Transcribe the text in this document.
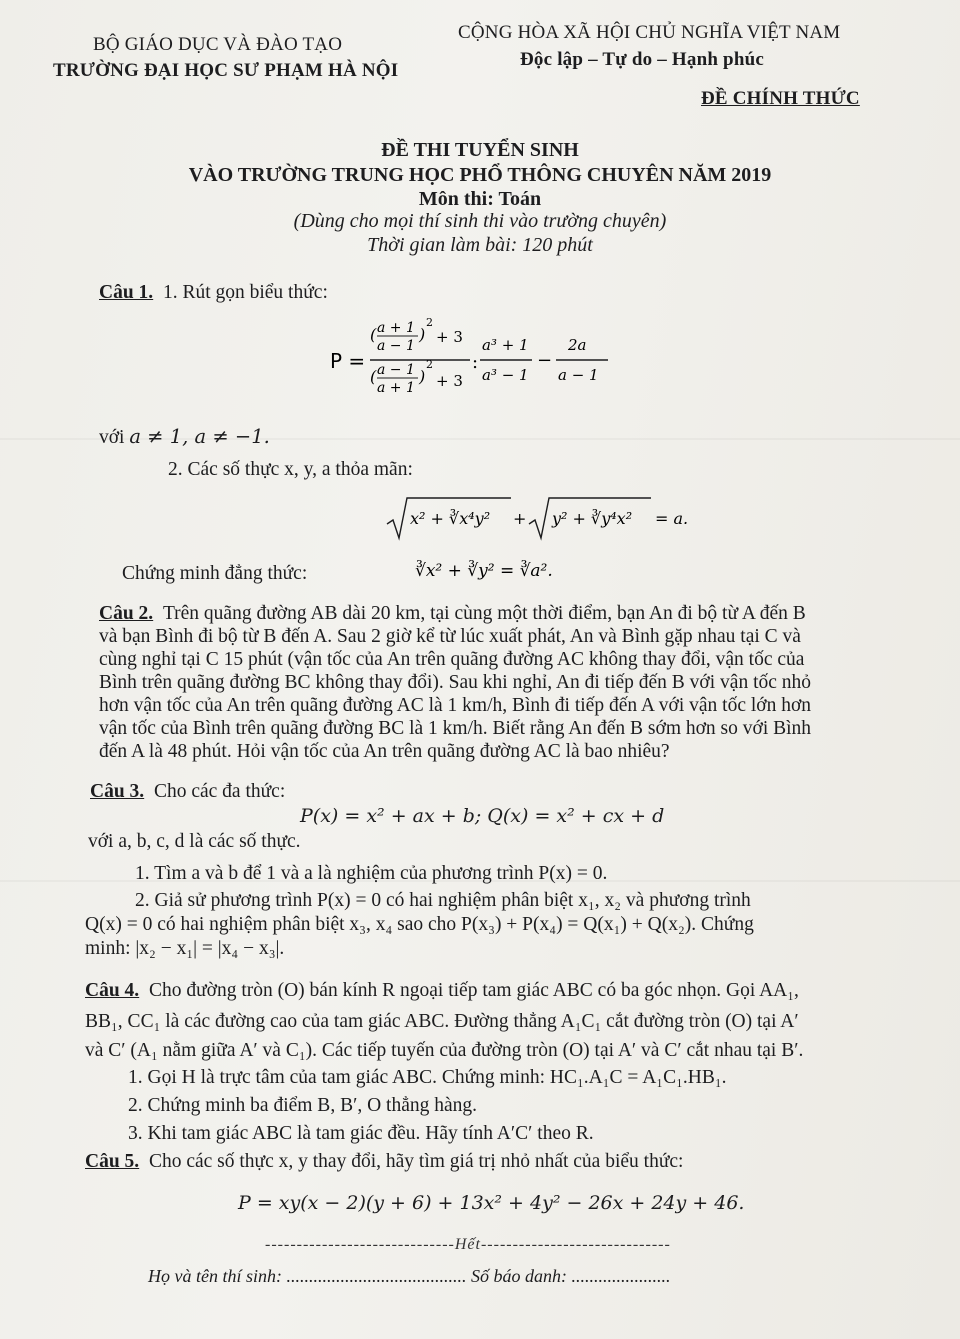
BỘ GIÁO DỤC VÀ ĐÀO TẠO
TRƯỜNG ĐẠI HỌC SƯ PHẠM HÀ NỘI
CỘNG HÒA XÃ HỘI CHỦ NGHĨA VIỆT NAM
Độc lập – Tự do – Hạnh phúc
ĐỀ CHÍNH THỨC
ĐỀ THI TUYỂN SINH
VÀO TRƯỜNG TRUNG HỌC PHỔ THÔNG CHUYÊN NĂM 2019
Môn thi: Toán
(Dùng cho mọi thí sinh thi vào trường chuyên)
Thời gian làm bài: 120 phút
Câu 1. 1. Rút gọn biểu thức:
P =
( a + 1
a − 1
)
2
+ 3
( a − 1
a + 1
)
2
+ 3
:
a³ + 1
a³ − 1
−
2a
a − 1
với a ≠ 1, a ≠ −1.
2. Các số thực x, y, a thỏa mãn:
x² + ∛x⁴y² + y² + ∛y⁴x² = a.
Chứng minh đẳng thức:	∛x² + ∛y² = ∛a².
Câu 2. Trên quãng đường AB dài 20 km, tại cùng một thời điểm, bạn An đi bộ từ A đến B
và bạn Bình đi bộ từ B đến A. Sau 2 giờ kể từ lúc xuất phát, An và Bình gặp nhau tại C và
cùng nghỉ tại C 15 phút (vận tốc của An trên quãng đường AC không thay đổi, vận tốc của
Bình trên quãng đường BC không thay đổi). Sau khi nghỉ, An đi tiếp đến B với vận tốc nhỏ
hơn vận tốc của An trên quãng đường AC là 1 km/h, Bình đi tiếp đến A với vận tốc lớn hơn
vận tốc của Bình trên quãng đường BC là 1 km/h. Biết rằng An đến B sớm hơn so với Bình
đến A là 48 phút. Hỏi vận tốc của An trên quãng đường AC là bao nhiêu?
Câu 3. Cho các đa thức:
P(x) = x² + ax + b; Q(x) = x² + cx + d
với a, b, c, d là các số thực.
1. Tìm a và b để 1 và a là nghiệm của phương trình P(x) = 0.
2. Giả sử phương trình P(x) = 0 có hai nghiệm phân biệt x₁, x₂ và phương trình
Q(x) = 0 có hai nghiệm phân biệt x₃, x₄ sao cho P(x₃) + P(x₄) = Q(x₁) + Q(x₂). Chứng
minh: |x₂ − x₁| = |x₄ − x₃|.
Câu 4. Cho đường tròn (O) bán kính R ngoại tiếp tam giác ABC có ba góc nhọn. Gọi AA₁,
BB₁, CC₁ là các đường cao của tam giác ABC. Đường thẳng A₁C₁ cắt đường tròn (O) tại A′
và C′ (A₁ nằm giữa A′ và C₁). Các tiếp tuyến của đường tròn (O) tại A′ và C′ cắt nhau tại B′.
1. Gọi H là trực tâm của tam giác ABC. Chứng minh: HC₁.A₁C = A₁C₁.HB₁.
2. Chứng minh ba điểm B, B′, O thẳng hàng.
3. Khi tam giác ABC là tam giác đều. Hãy tính A′C′ theo R.
Câu 5. Cho các số thực x, y thay đổi, hãy tìm giá trị nhỏ nhất của biểu thức:
P = xy(x − 2)(y + 6) + 13x² + 4y² − 26x + 24y + 46.
------------------------------Hết------------------------------
Họ và tên thí sinh: ........................................ Số báo danh: ......................
